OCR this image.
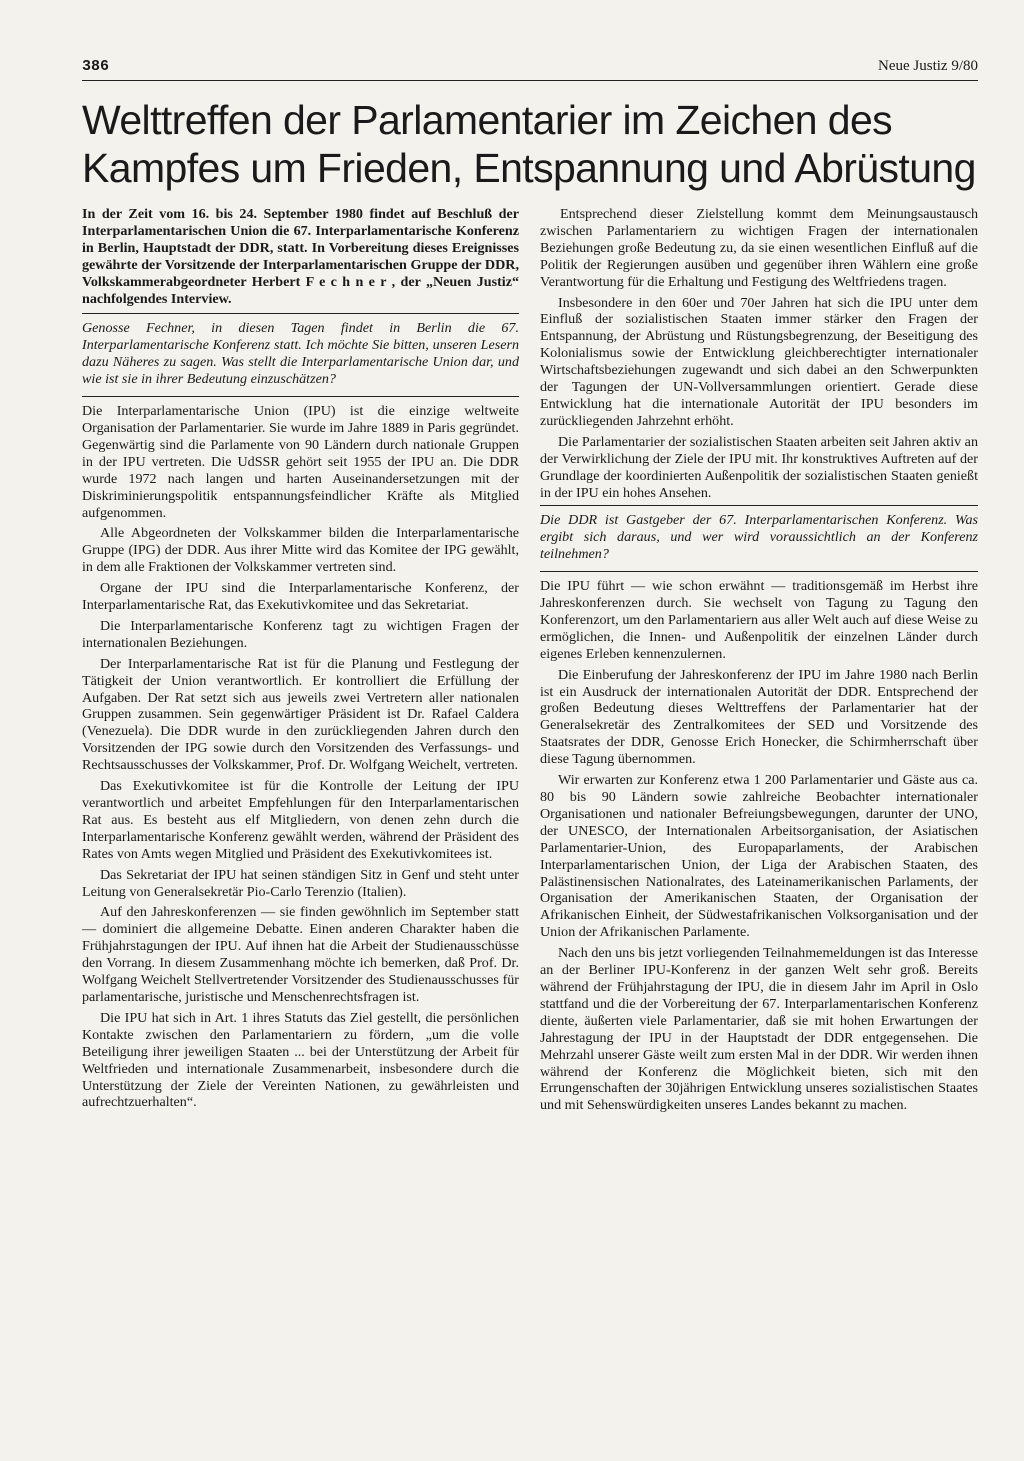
386	Neue Justiz 9/80
Welttreffen der Parlamentarier im Zeichen des Kampfes um Frieden, Entspannung und Abrüstung

In der Zeit vom 16. bis 24. September 1980 findet auf Beschluß der Interparlamentarischen Union die 67. Interparlamentarische Konferenz in Berlin, Hauptstadt der DDR, statt. In Vorbereitung dieses Ereignisses gewährte der Vorsitzende der Interparlamentarischen Gruppe der DDR, Volkskammerabgeordneter Herbert F e c h n e r , der „Neuen Justiz“ nachfolgendes Interview.

Genosse Fechner, in diesen Tagen findet in Berlin die 67. Interparlamentarische Konferenz statt. Ich möchte Sie bitten, unseren Lesern dazu Näheres zu sagen. Was stellt die Interparlamentarische Union dar, und wie ist sie in ihrer Bedeutung einzuschätzen?

Die Interparlamentarische Union (IPU) ist die einzige weltweite Organisation der Parlamentarier. Sie wurde im Jahre 1889 in Paris gegründet. Gegenwärtig sind die Parlamente von 90 Ländern durch nationale Gruppen in der IPU vertreten. Die UdSSR gehört seit 1955 der IPU an. Die DDR wurde 1972 nach langen und harten Auseinandersetzungen mit der Diskriminierungspolitik entspannungsfeindlicher Kräfte als Mitglied aufgenommen.

Alle Abgeordneten der Volkskammer bilden die Interparlamentarische Gruppe (IPG) der DDR. Aus ihrer Mitte wird das Komitee der IPG gewählt, in dem alle Fraktionen der Volkskammer vertreten sind.

Organe der IPU sind die Interparlamentarische Konferenz, der Interparlamentarische Rat, das Exekutivkomitee und das Sekretariat.

Die Interparlamentarische Konferenz tagt zu wichtigen Fragen der internationalen Beziehungen.

Der Interparlamentarische Rat ist für die Planung und Festlegung der Tätigkeit der Union verantwortlich. Er kontrolliert die Erfüllung der Aufgaben. Der Rat setzt sich aus jeweils zwei Vertretern aller nationalen Gruppen zusammen. Sein gegenwärtiger Präsident ist Dr. Rafael Caldera (Venezuela). Die DDR wurde in den zurückliegenden Jahren durch den Vorsitzenden der IPG sowie durch den Vorsitzenden des Verfassungs- und Rechtsausschusses der Volkskammer, Prof. Dr. Wolfgang Weichelt, vertreten.

Das Exekutivkomitee ist für die Kontrolle der Leitung der IPU verantwortlich und arbeitet Empfehlungen für den Interparlamentarischen Rat aus. Es besteht aus elf Mitgliedern, von denen zehn durch die Interparlamentarische Konferenz gewählt werden, während der Präsident des Rates von Amts wegen Mitglied und Präsident des Exekutivkomitees ist.

Das Sekretariat der IPU hat seinen ständigen Sitz in Genf und steht unter Leitung von Generalsekretär Pio-Carlo Terenzio (Italien).

Auf den Jahreskonferenzen — sie finden gewöhnlich im September statt — dominiert die allgemeine Debatte. Einen anderen Charakter haben die Frühjahrstagungen der IPU. Auf ihnen hat die Arbeit der Studienausschüsse den Vorrang. In diesem Zusammenhang möchte ich bemerken, daß Prof. Dr. Wolfgang Weichelt Stellvertretender Vorsitzender des Studienausschusses für parlamentarische, juristische und Menschenrechtsfragen ist.

Die IPU hat sich in Art. 1 ihres Statuts das Ziel gestellt, die persönlichen Kontakte zwischen den Parlamentariern zu fördern, „um die volle Beteiligung ihrer jeweiligen Staaten ... bei der Unterstützung der Arbeit für Weltfrieden und internationale Zusammenarbeit, insbesondere durch die Unterstützung der Ziele der Vereinten Nationen, zu gewährleisten und aufrechtzuerhalten“.

Entsprechend dieser Zielstellung kommt dem Meinungsaustausch zwischen Parlamentariern zu wichtigen Fragen der internationalen Beziehungen große Bedeutung zu, da sie einen wesentlichen Einfluß auf die Politik der Regierungen ausüben und gegenüber ihren Wählern eine große Verantwortung für die Erhaltung und Festigung des Weltfriedens tragen.

Insbesondere in den 60er und 70er Jahren hat sich die IPU unter dem Einfluß der sozialistischen Staaten immer stärker den Fragen der Entspannung, der Abrüstung und Rüstungsbegrenzung, der Beseitigung des Kolonialismus sowie der Entwicklung gleichberechtigter internationaler Wirtschaftsbeziehungen zugewandt und sich dabei an den Schwerpunkten der Tagungen der UN-Vollversammlungen orientiert. Gerade diese Entwicklung hat die internationale Autorität der IPU besonders im zurückliegenden Jahrzehnt erhöht.

Die Parlamentarier der sozialistischen Staaten arbeiten seit Jahren aktiv an der Verwirklichung der Ziele der IPU mit. Ihr konstruktives Auftreten auf der Grundlage der koordinierten Außenpolitik der sozialistischen Staaten genießt in der IPU ein hohes Ansehen.

Die DDR ist Gastgeber der 67. Interparlamentarischen Konferenz. Was ergibt sich daraus, und wer wird voraussichtlich an der Konferenz teilnehmen?

Die IPU führt — wie schon erwähnt — traditionsgemäß im Herbst ihre Jahreskonferenzen durch. Sie wechselt von Tagung zu Tagung den Konferenzort, um den Parlamentariern aus aller Welt auch auf diese Weise zu ermöglichen, die Innen- und Außenpolitik der einzelnen Länder durch eigenes Erleben kennenzulernen.

Die Einberufung der Jahreskonferenz der IPU im Jahre 1980 nach Berlin ist ein Ausdruck der internationalen Autorität der DDR. Entsprechend der großen Bedeutung dieses Welttreffens der Parlamentarier hat der Generalsekretär des Zentralkomitees der SED und Vorsitzende des Staatsrates der DDR, Genosse Erich Honecker, die Schirmherrschaft über diese Tagung übernommen.

Wir erwarten zur Konferenz etwa 1 200 Parlamentarier und Gäste aus ca. 80 bis 90 Ländern sowie zahlreiche Beobachter internationaler Organisationen und nationaler Befreiungsbewegungen, darunter der UNO, der UNESCO, der Internationalen Arbeitsorganisation, der Asiatischen Parlamentarier-Union, des Europaparlaments, der Arabischen Interparlamentarischen Union, der Liga der Arabischen Staaten, des Palästinensischen Nationalrates, des Lateinamerikanischen Parlaments, der Organisation der Amerikanischen Staaten, der Organisation der Afrikanischen Einheit, der Südwestafrikanischen Volksorganisation und der Union der Afrikanischen Parlamente.

Nach den uns bis jetzt vorliegenden Teilnahmemeldungen ist das Interesse an der Berliner IPU-Konferenz in der ganzen Welt sehr groß. Bereits während der Frühjahrstagung der IPU, die in diesem Jahr im April in Oslo stattfand und die der Vorbereitung der 67. Interparlamentarischen Konferenz diente, äußerten viele Parlamentarier, daß sie mit hohen Erwartungen der Jahrestagung der IPU in der Hauptstadt der DDR entgegensehen. Die Mehrzahl unserer Gäste weilt zum ersten Mal in der DDR. Wir werden ihnen während der Konferenz die Möglichkeit bieten, sich mit den Errungenschaften der 30jährigen Entwicklung unseres sozialistischen Staates und mit Sehenswürdigkeiten unseres Landes bekannt zu machen.
